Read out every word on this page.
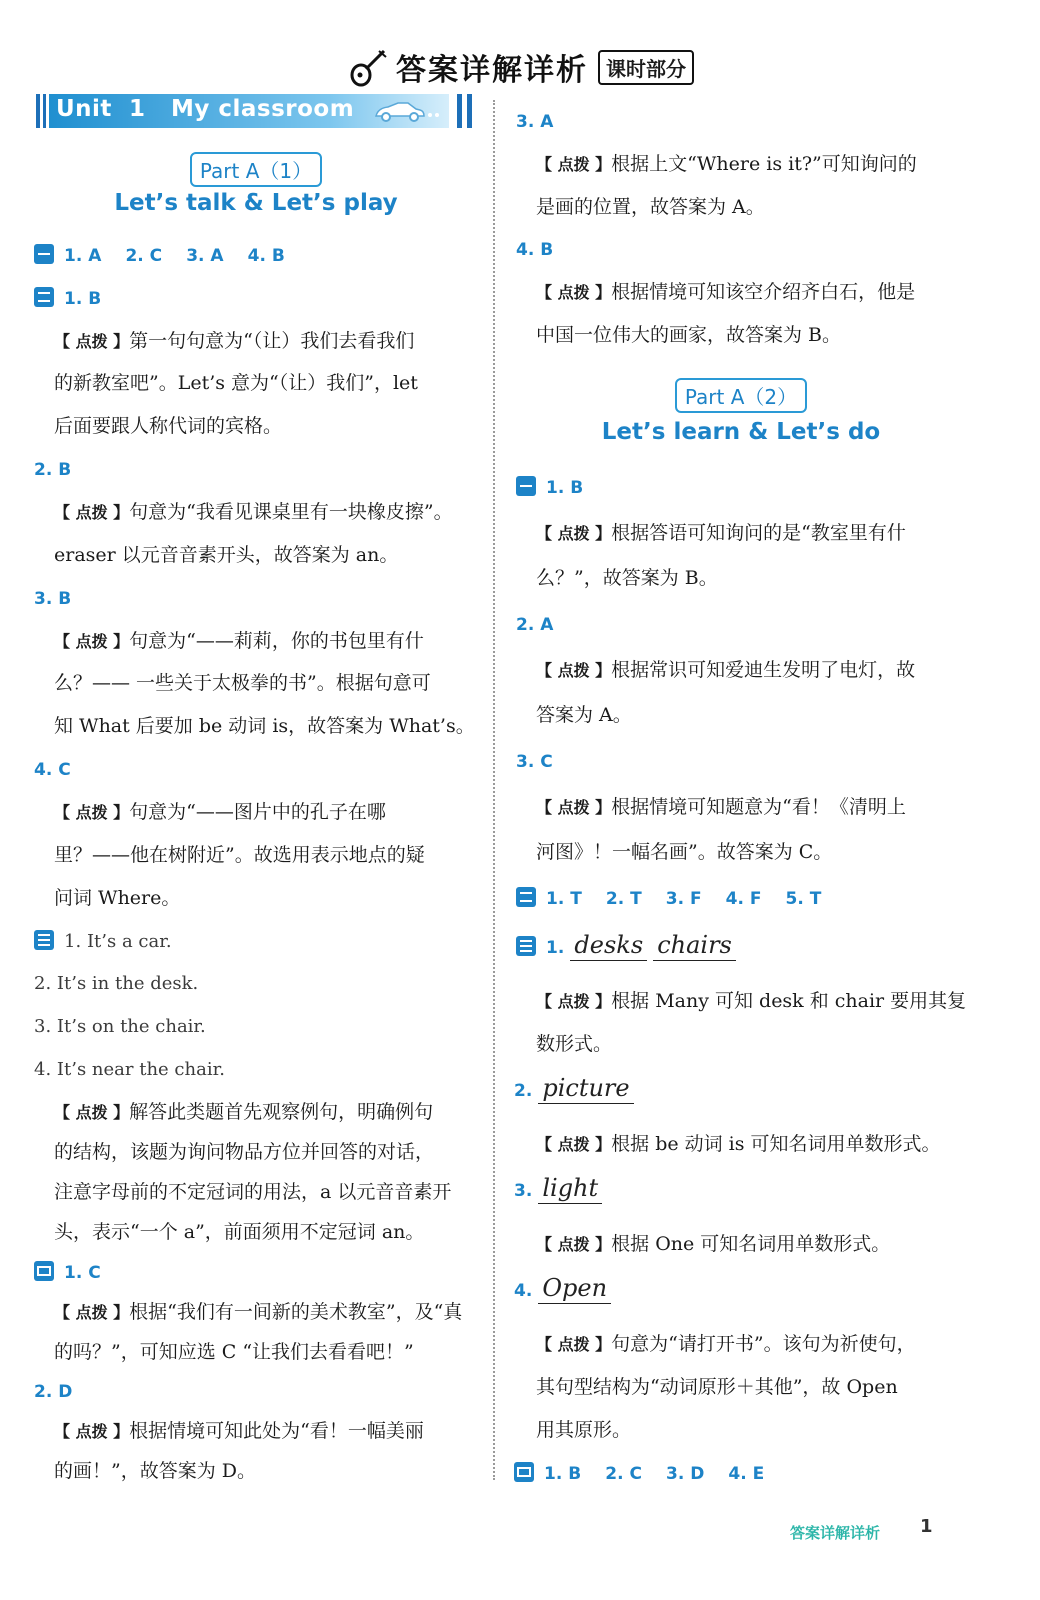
答案详解详析 课时部分
Unit  1   My classroom
Part A（1）
Let’s talk & Let’s play
1. A 2. C 3. A 4. B
1. B
【 点拨 】第一句句意为“（让）我们去看我们
的新教室吧”。Let’s 意为“（让）我们”，let
后面要跟人称代词的宾格。
2. B
【 点拨 】句意为“我看见课桌里有一块橡皮擦”。
eraser 以元音音素开头，故答案为 an。
3. B
【 点拨 】句意为“——莉莉，你的书包里有什
么？—— 一些关于太极拳的书”。根据句意可
知 What 后要加 be 动词 is，故答案为 What’s。
4. C
【 点拨 】句意为“——图片中的孔子在哪
里？——他在树附近”。故选用表示地点的疑
问词 Where。
1. It’s a car.
2. It’s in the desk.
3. It’s on the chair.
4. It’s near the chair.
【 点拨 】解答此类题首先观察例句，明确例句
的结构，该题为询问物品方位并回答的对话，
注意字母前的不定冠词的用法，a 以元音音素开
头，表示“一个 a”，前面须用不定冠词 an。
1. C
【 点拨 】根据“我们有一间新的美术教室”，及“真
的吗？”，可知应选 C “让我们去看看吧！”
2. D
【 点拨 】根据情境可知此处为“看！一幅美丽
的画！”，故答案为 D。
3. A
【 点拨 】根据上文“Where is it?”可知询问的
是画的位置，故答案为 A。
4. B
【 点拨 】根据情境可知该空介绍齐白石，他是
中国一位伟大的画家，故答案为 B。
Part A（2）
Let’s learn & Let’s do
1. B
【 点拨 】根据答语可知询问的是“教室里有什
么？”，故答案为 B。
2. A
【 点拨 】根据常识可知爱迪生发明了电灯，故
答案为 A。
3. C
【 点拨 】根据情境可知题意为“看！《清明上
河图》！一幅名画”。故答案为 C。
1. T 2. T 3. F 4. F 5. T
1. desks chairs
【 点拨 】根据 Many 可知 desk 和 chair 要用其复
数形式。
2. picture
【 点拨 】根据 be 动词 is 可知名词用单数形式。
3. light
【 点拨 】根据 One 可知名词用单数形式。
4. Open
【 点拨 】句意为“请打开书”。该句为祈使句，
其句型结构为“动词原形＋其他”，故 Open
用其原形。
1. B 2. C 3. D 4. E
答案详解详析 1
